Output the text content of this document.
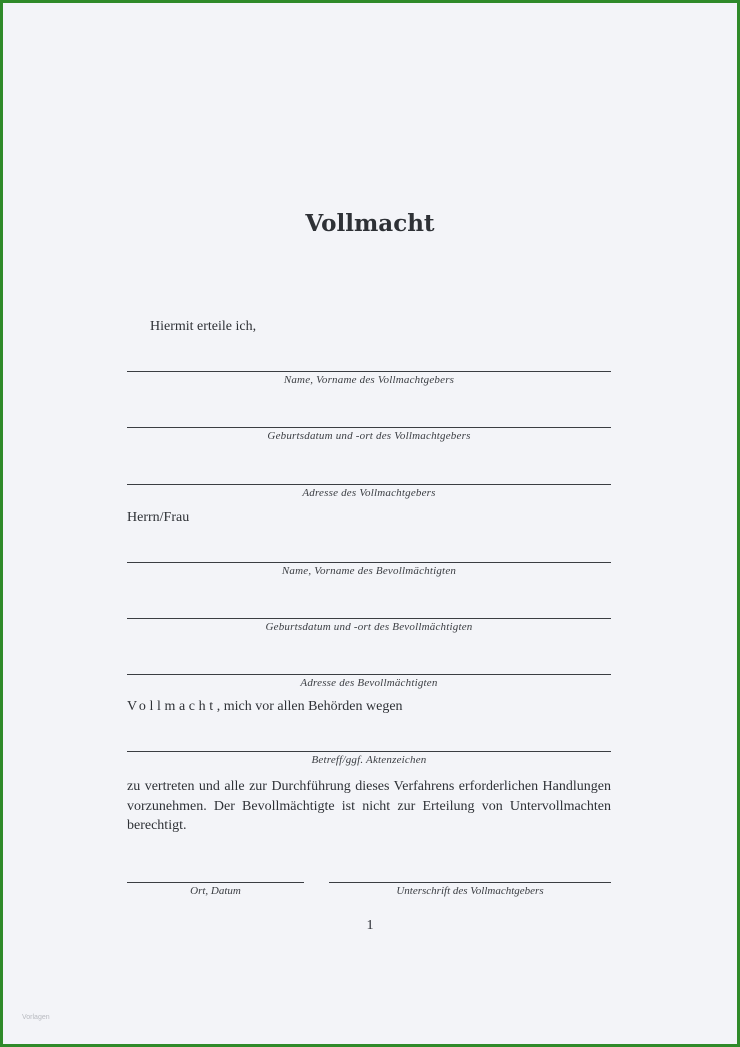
Vollmacht
Hiermit erteile ich,
Name, Vorname des Vollmachtgebers
Geburtsdatum und -ort des Vollmachtgebers
Adresse des Vollmachtgebers
Herrn/Frau
Name, Vorname des Bevollmächtigten
Geburtsdatum und -ort des Bevollmächtigten
Adresse des Bevollmächtigten
Vollmacht, mich vor allen Behörden wegen
Betreff/ggf. Aktenzeichen
zu vertreten und alle zur Durchführung dieses Verfahrens erforderlichen Handlungen vorzunehmen. Der Bevollmächtigte ist nicht zur Erteilung von Untervollmachten berechtigt.
Ort, Datum	Unterschrift des Vollmachtgebers
1
Vorlagen
